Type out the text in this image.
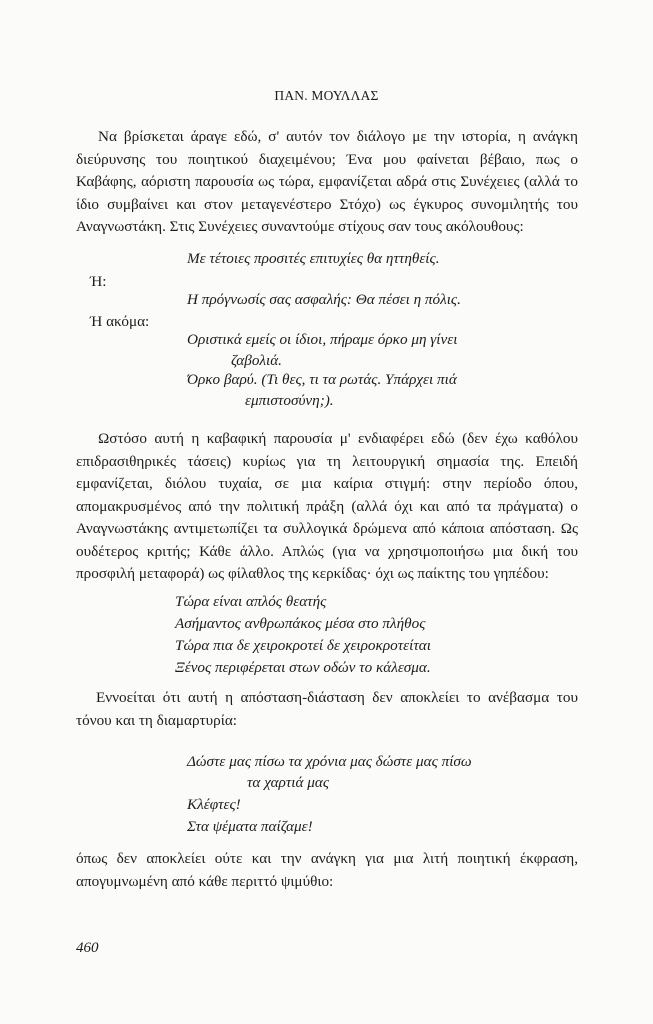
ΠΑΝ. ΜΟΥΛΛΑΣ
Να βρίσκεται άραγε εδώ, σ' αυτόν τον διάλογο με την ιστορία, η ανάγκη διεύρυνσης του ποιητικού διαχειμένου; Ένα μου φαίνεται βέβαιο, πως ο Καβάφης, αόριστη παρουσία ως τώρα, εμφανίζεται αδρά στις Συνέχειες (αλλά το ίδιο συμβαίνει και στον μεταγενέστερο Στόχο) ως έγκυρος συνομιλητής του Αναγνωστάκη. Στις Συνέχειες συναντούμε στίχους σαν τους ακόλουθους:
Με τέτοιες προσιτές επιτυχίες θα ηττηθείς.
Ή:
Η πρόγνωσίς σας ασφαλής: Θα πέσει η πόλις.
Ή ακόμα:
Οριστικά εμείς οι ίδιοι, πήραμε όρκο μη γίνει
ζαβολιά.
Όρκο βαρύ. (Τι θες, τι τα ρωτάς. Υπάρχει πιά
εμπιστοσύνη;).
Ωστόσο αυτή η καβαφική παρουσία μ' ενδιαφέρει εδώ (δεν έχω καθόλου επιδρασιθηρικές τάσεις) κυρίως για τη λειτουργική σημασία της. Επειδή εμφανίζεται, διόλου τυχαία, σε μια καίρια στιγμή: στην περίοδο όπου, απομακρυσμένος από την πολιτική πράξη (αλλά όχι και από τα πράγματα) ο Αναγνωστάκης αντιμετωπίζει τα συλλογικά δρώμενα από κάποια απόσταση. Ως ουδέτερος κριτής; Κάθε άλλο. Απλώς (για να χρησιμοποιήσω μια δική του προσφιλή μεταφορά) ως φίλαθλος της κερκίδας· όχι ως παίκτης του γηπέδου:
Τώρα είναι απλός θεατής
Ασήμαντος ανθρωπάκος μέσα στο πλήθος
Τώρα πια δε χειροκροτεί δε χειροκροτείται
Ξένος περιφέρεται στων οδών το κάλεσμα.
Εννοείται ότι αυτή η απόσταση-διάσταση δεν αποκλείει το ανέβασμα του τόνου και τη διαμαρτυρία:
Δώστε μας πίσω τα χρόνια μας δώστε μας πίσω
τα χαρτιά μας
Κλέφτες!
Στα ψέματα παίζαμε!
όπως δεν αποκλείει ούτε και την ανάγκη για μια λιτή ποιητική έκφραση, απογυμνωμένη από κάθε περιττό ψιμύθιο:
460
